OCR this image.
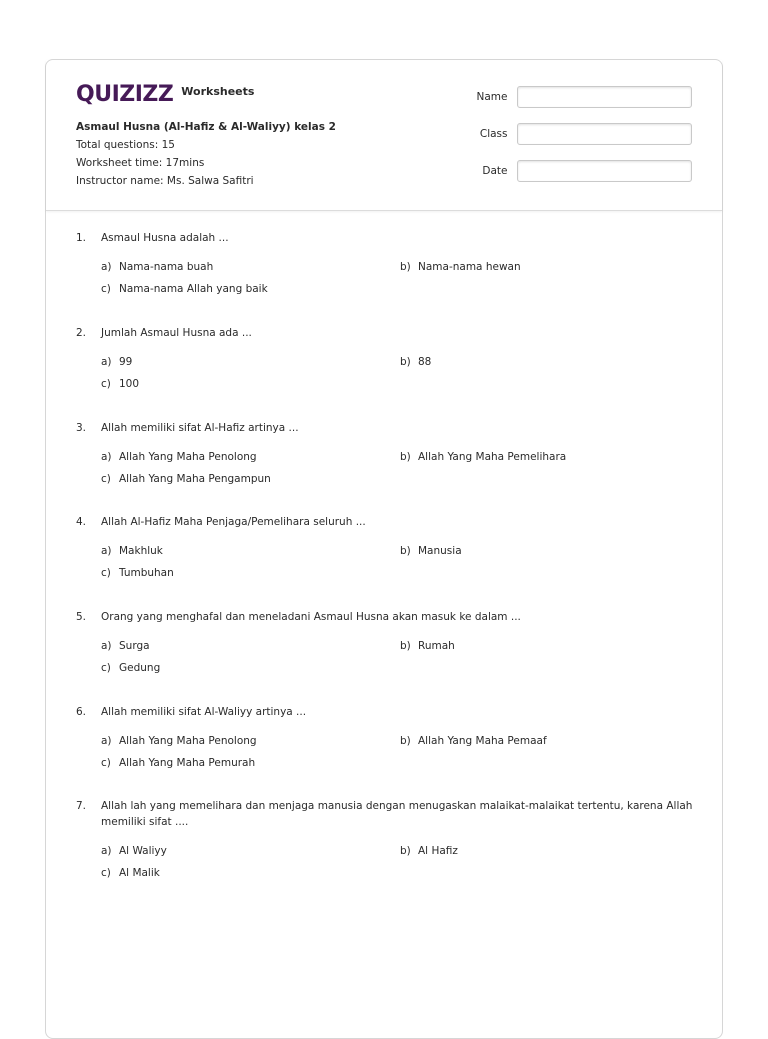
QUIZIZZ Worksheets
Asmaul Husna (Al-Hafiz & Al-Waliyy) kelas 2
Total questions: 15
Worksheet time: 17mins
Instructor name: Ms. Salwa Safitri
Name
Class
Date
1.	Asmaul Husna adalah ...
a) Nama-nama buah	b) Nama-nama hewan
c) Nama-nama Allah yang baik
2.	Jumlah Asmaul Husna ada ...
a) 99	b) 88
c) 100
3.	Allah memiliki sifat Al-Hafiz artinya ...
a) Allah Yang Maha Penolong	b) Allah Yang Maha Pemelihara
c) Allah Yang Maha Pengampun
4.	Allah Al-Hafiz Maha Penjaga/Pemelihara seluruh ...
a) Makhluk	b) Manusia
c) Tumbuhan
5.	Orang yang menghafal dan meneladani Asmaul Husna akan masuk ke dalam ...
a) Surga	b) Rumah
c) Gedung
6.	Allah memiliki sifat Al-Waliyy artinya ...
a) Allah Yang Maha Penolong	b) Allah Yang Maha Pemaaf
c) Allah Yang Maha Pemurah
7.	Allah lah yang memelihara dan menjaga manusia dengan menugaskan malaikat-malaikat tertentu, karena Allah memiliki sifat ....
a) Al Waliyy	b) Al Hafiz
c) Al Malik
